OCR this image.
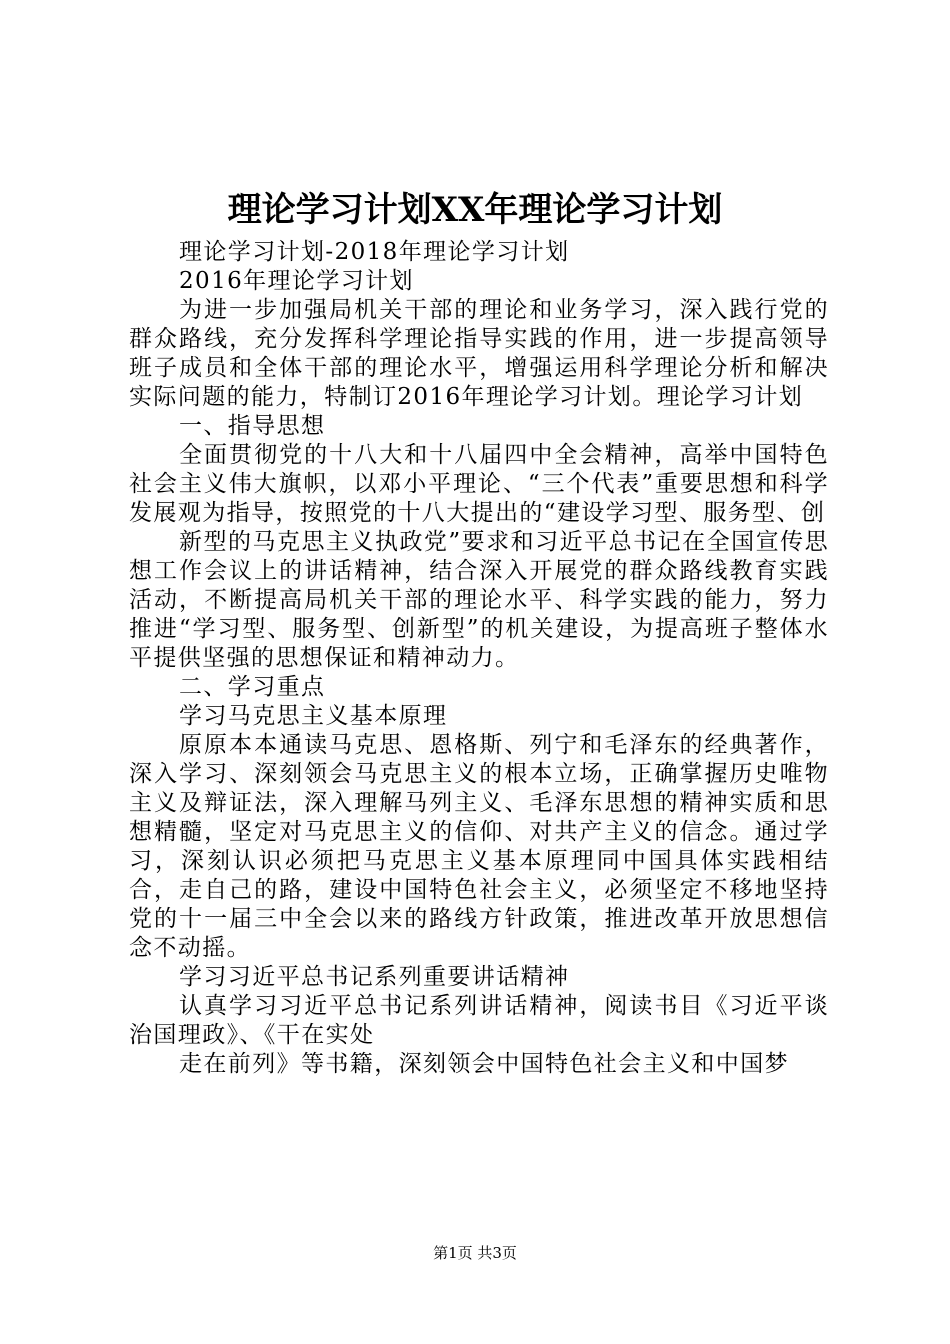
理论学习计划XX年理论学习计划

理论学习计划-2018年理论学习计划

2016年理论学习计划

为进一步加强局机关干部的理论和业务学习，深入践行党的群众路线，充分发挥科学理论指导实践的作用，进一步提高领导班子成员和全体干部的理论水平，增强运用科学理论分析和解决实际问题的能力，特制订2016年理论学习计划。理论学习计划

一、指导思想

全面贯彻党的十八大和十八届四中全会精神，高举中国特色社会主义伟大旗帜，以邓小平理论、“三个代表”重要思想和科学发展观为指导，按照党的十八大提出的“建设学习型、服务型、创

新型的马克思主义执政党”要求和习近平总书记在全国宣传思想工作会议上的讲话精神，结合深入开展党的群众路线教育实践活动，不断提高局机关干部的理论水平、科学实践的能力，努力推进“学习型、服务型、创新型”的机关建设，为提高班子整体水平提供坚强的思想保证和精神动力。

二、学习重点

学习马克思主义基本原理

原原本本通读马克思、恩格斯、列宁和毛泽东的经典著作，深入学习、深刻领会马克思主义的根本立场，正确掌握历史唯物主义及辩证法，深入理解马列主义、毛泽东思想的精神实质和思想精髓，坚定对马克思主义的信仰、对共产主义的信念。通过学习，深刻认识必须把马克思主义基本原理同中国具体实践相结合，走自己的路，建设中国特色社会主义，必须坚定不移地坚持党的十一届三中全会以来的路线方针政策，推进改革开放思想信念不动摇。

学习习近平总书记系列重要讲话精神

认真学习习近平总书记系列讲话精神，阅读书目《习近平谈治国理政》、《干在实处

走在前列》等书籍，深刻领会中国特色社会主义和中国梦

第1页 共3页
